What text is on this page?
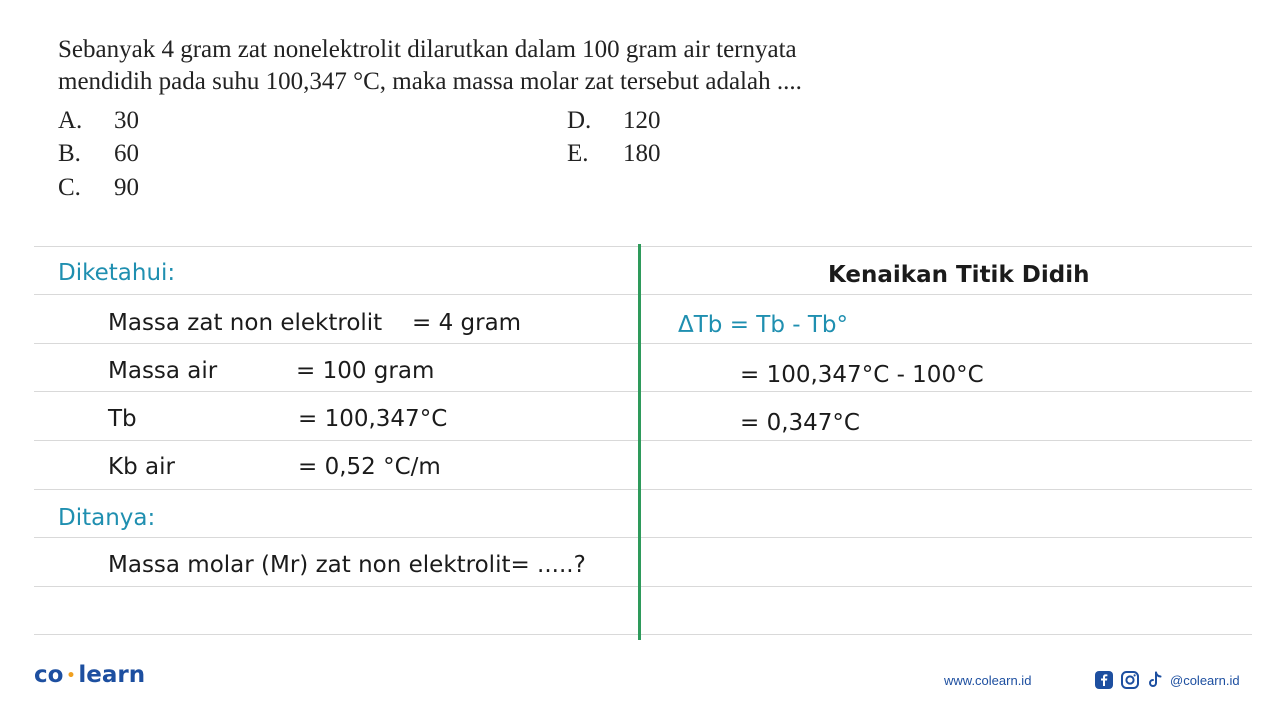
Sebanyak 4 gram zat nonelektrolit dilarutkan dalam 100 gram air ternyata
mendidih pada suhu 100,347 °C, maka massa molar zat tersebut adalah ....
A. 30
B. 60
C. 90
D. 120
E. 180
Diketahui:
Massa zat non elektrolit = 4 gram
Massa air	= 100 gram
Tb	= 100,347°C
Kb air	= 0,52 °C/m
Ditanya:
Massa molar (Mr) zat non elektrolit= .....?
Kenaikan Titik Didih
ΔTb = Tb - Tb°
= 100,347°C - 100°C
= 0,347°C
co • learn	www.colearn.id	@colearn.id
